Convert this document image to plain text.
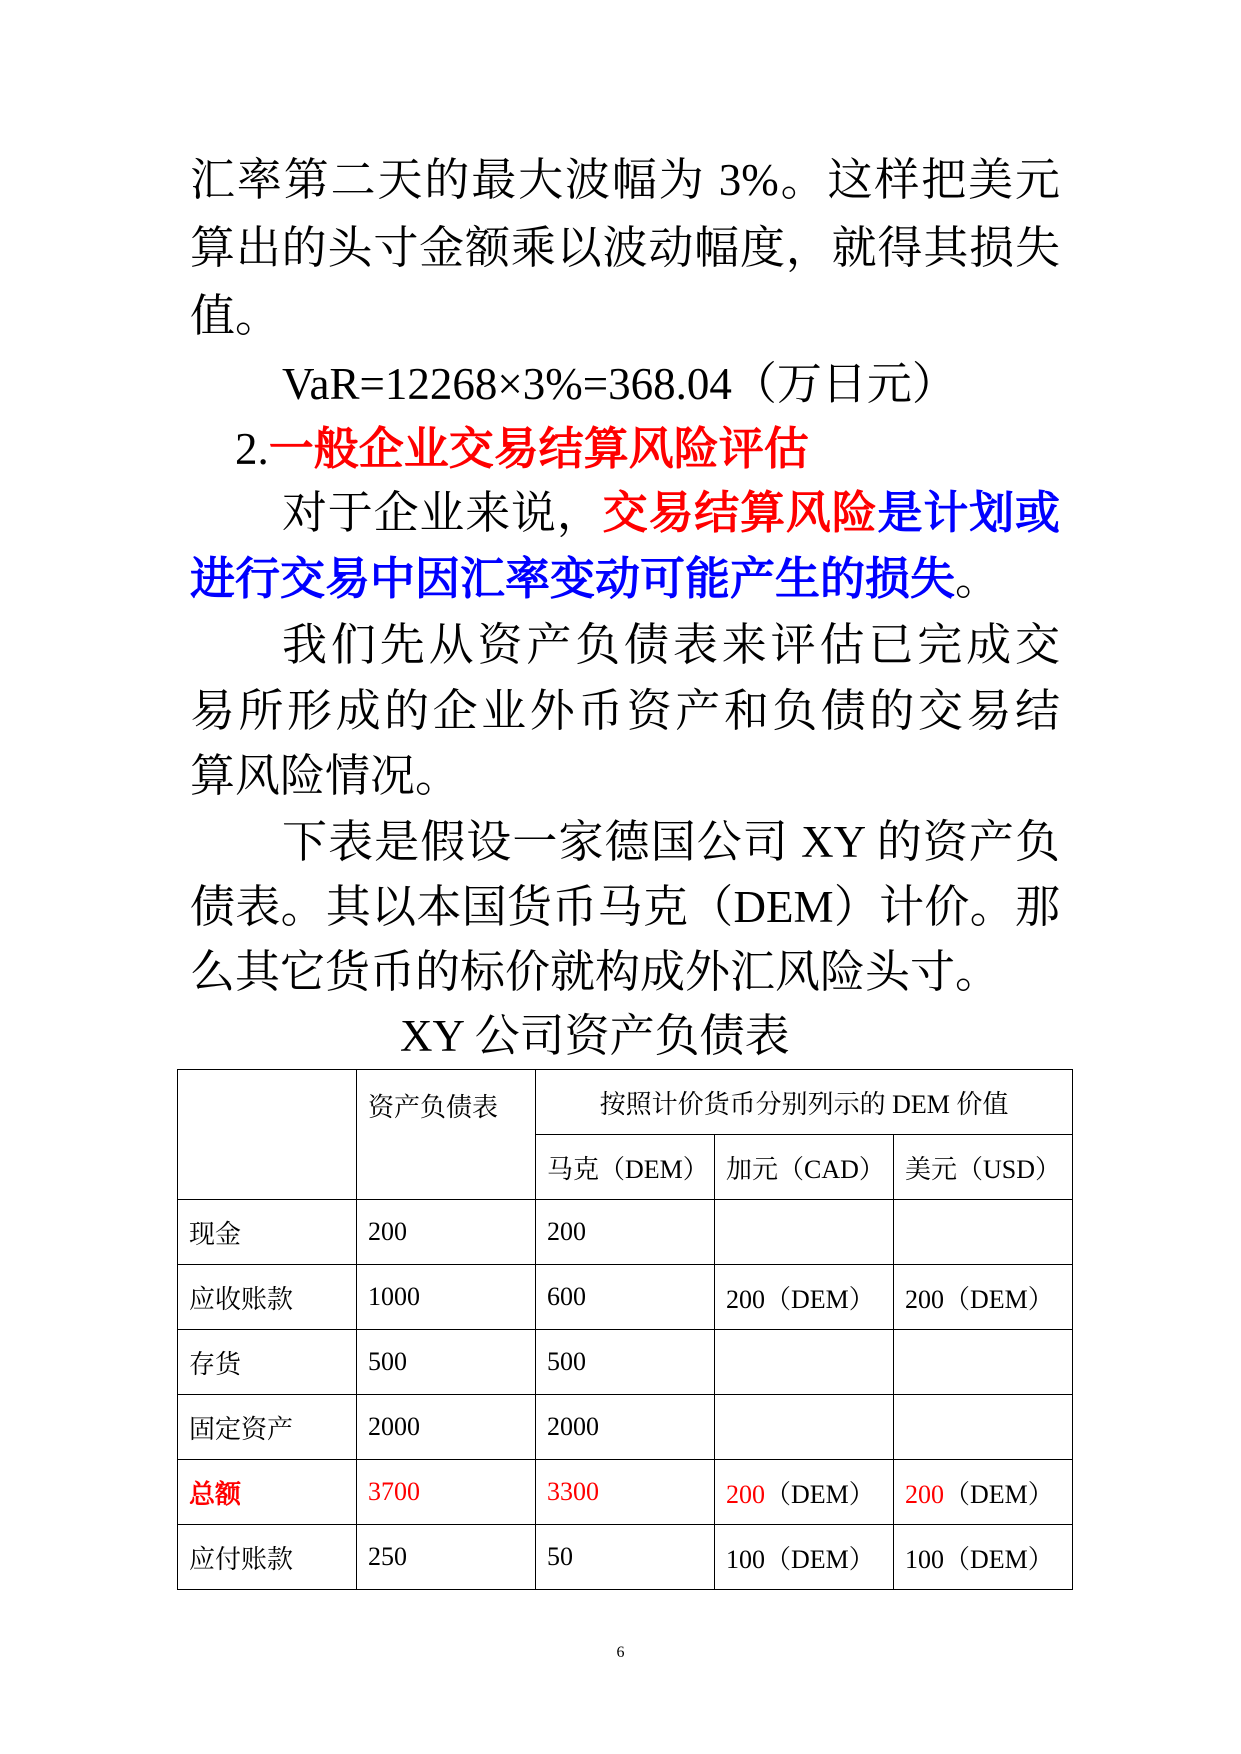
汇率第二天的最大波幅为 3%。这样把美元
算出的头寸金额乘以波动幅度，就得其损失
值。
VaR=12268×3%=368.04（万日元）
2.一般企业交易结算风险评估
对于企业来说，交易结算风险是计划或
进行交易中因汇率变动可能产生的损失。
我们先从资产负债表来评估已完成交
易所形成的企业外币资产和负债的交易结
算风险情况。
下表是假设一家德国公司 XY 的资产负
债表。其以本国货币马克（DEM）计价。那
么其它货币的标价就构成外汇风险头寸。
XY 公司资产负债表
	资产负债表	按照计价货币分别列示的 DEM 价值		
		马克（DEM）	加元（CAD）	美元（USD）
现金	200	200		
应收账款	1000	600	200（DEM）	200（DEM）
存货	500	500		
固定资产	2000	2000		
总额	3700	3300	200（DEM）	200（DEM）
应付账款	250	50	100（DEM）	100（DEM）
6
